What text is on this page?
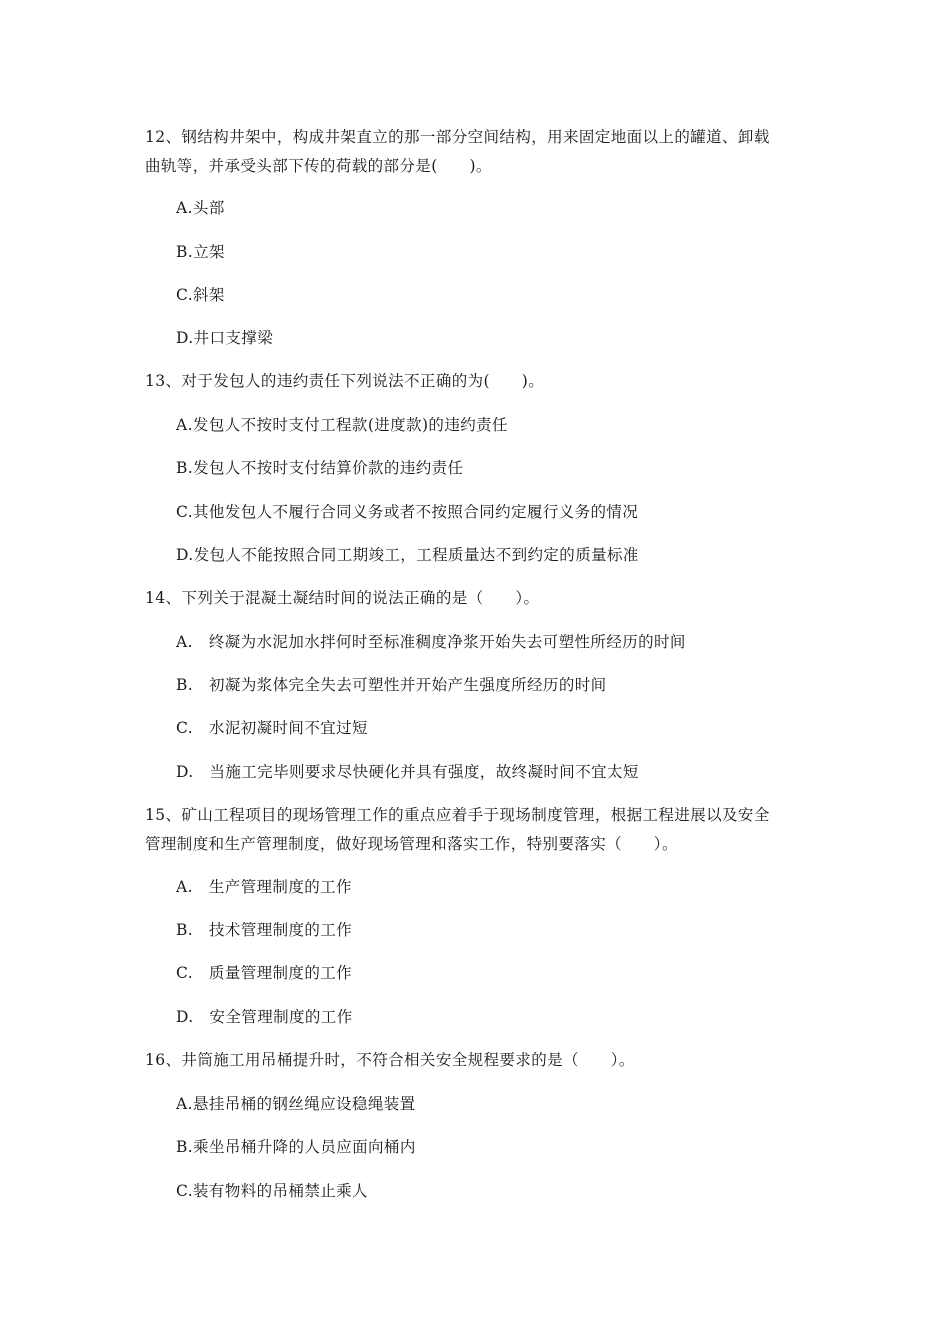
12、钢结构井架中，构成井架直立的那一部分空间结构，用来固定地面以上的罐道、卸载
曲轨等，并承受头部下传的荷载的部分是(　　)。
A.头部
B.立架
C.斜架
D.井口支撑梁
13、对于发包人的违约责任下列说法不正确的为(　　)。
A.发包人不按时支付工程款(进度款)的违约责任
B.发包人不按时支付结算价款的违约责任
C.其他发包人不履行合同义务或者不按照合同约定履行义务的情况
D.发包人不能按照合同工期竣工，工程质量达不到约定的质量标准
14、下列关于混凝土凝结时间的说法正确的是（　　）。
A.　终凝为水泥加水拌何时至标准稠度净浆开始失去可塑性所经历的时间
B.　初凝为浆体完全失去可塑性并开始产生强度所经历的时间
C.　水泥初凝时间不宜过短
D.　当施工完毕则要求尽快硬化并具有强度，故终凝时间不宜太短
15、矿山工程项目的现场管理工作的重点应着手于现场制度管理，根据工程进展以及安全
管理制度和生产管理制度，做好现场管理和落实工作，特别要落实（　　）。
A.　生产管理制度的工作
B.　技术管理制度的工作
C.　质量管理制度的工作
D.　安全管理制度的工作
16、井筒施工用吊桶提升时，不符合相关安全规程要求的是（　　）。
A.悬挂吊桶的钢丝绳应设稳绳装置
B.乘坐吊桶升降的人员应面向桶内
C.装有物料的吊桶禁止乘人
